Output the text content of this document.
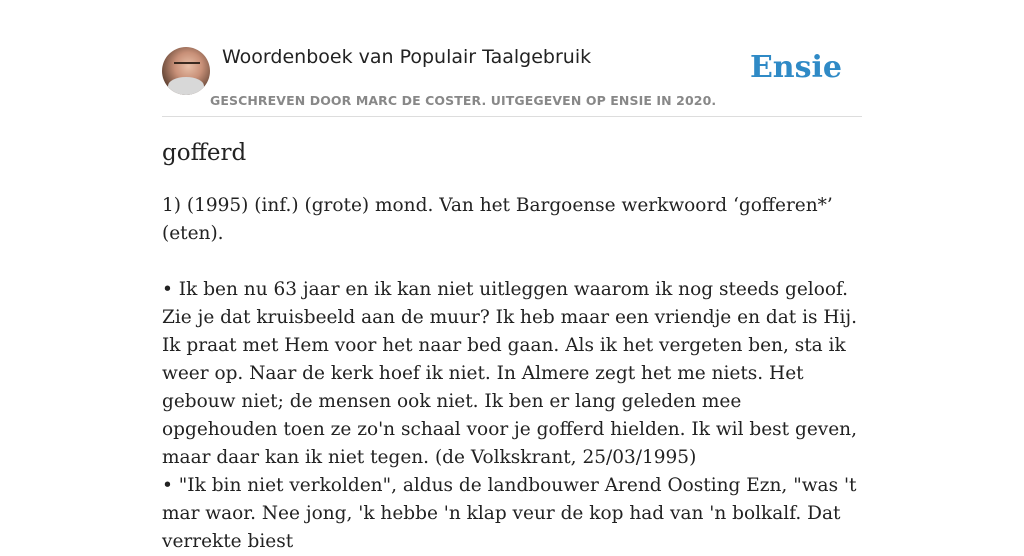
Woordenboek van Populair Taalgebruik
GESCHREVEN DOOR MARC DE COSTER. UITGEGEVEN OP ENSIE IN 2020.
Ensie
gofferd

1) (1995) (inf.) (grote) mond. Van het Bargoense werkwoord ‘gofferen*’ (eten).

• Ik ben nu 63 jaar en ik kan niet uitleggen waarom ik nog steeds geloof. Zie je dat kruisbeeld aan de muur? Ik heb maar een vriendje en dat is Hij. Ik praat met Hem voor het naar bed gaan. Als ik het vergeten ben, sta ik weer op. Naar de kerk hoef ik niet. In Almere zegt het me niets. Het gebouw niet; de mensen ook niet. Ik ben er lang geleden mee opgehouden toen ze zo'n schaal voor je gofferd hielden. Ik wil best geven, maar daar kan ik niet tegen. (de Volkskrant, 25/03/1995)

• "Ik bin niet verkolden", aldus de landbouwer Arend Oosting Ezn, "was 't mar waor. Nee jong, 'k hebbe 'n klap veur de kop had van 'n bolkalf. Dat verrekte biest
